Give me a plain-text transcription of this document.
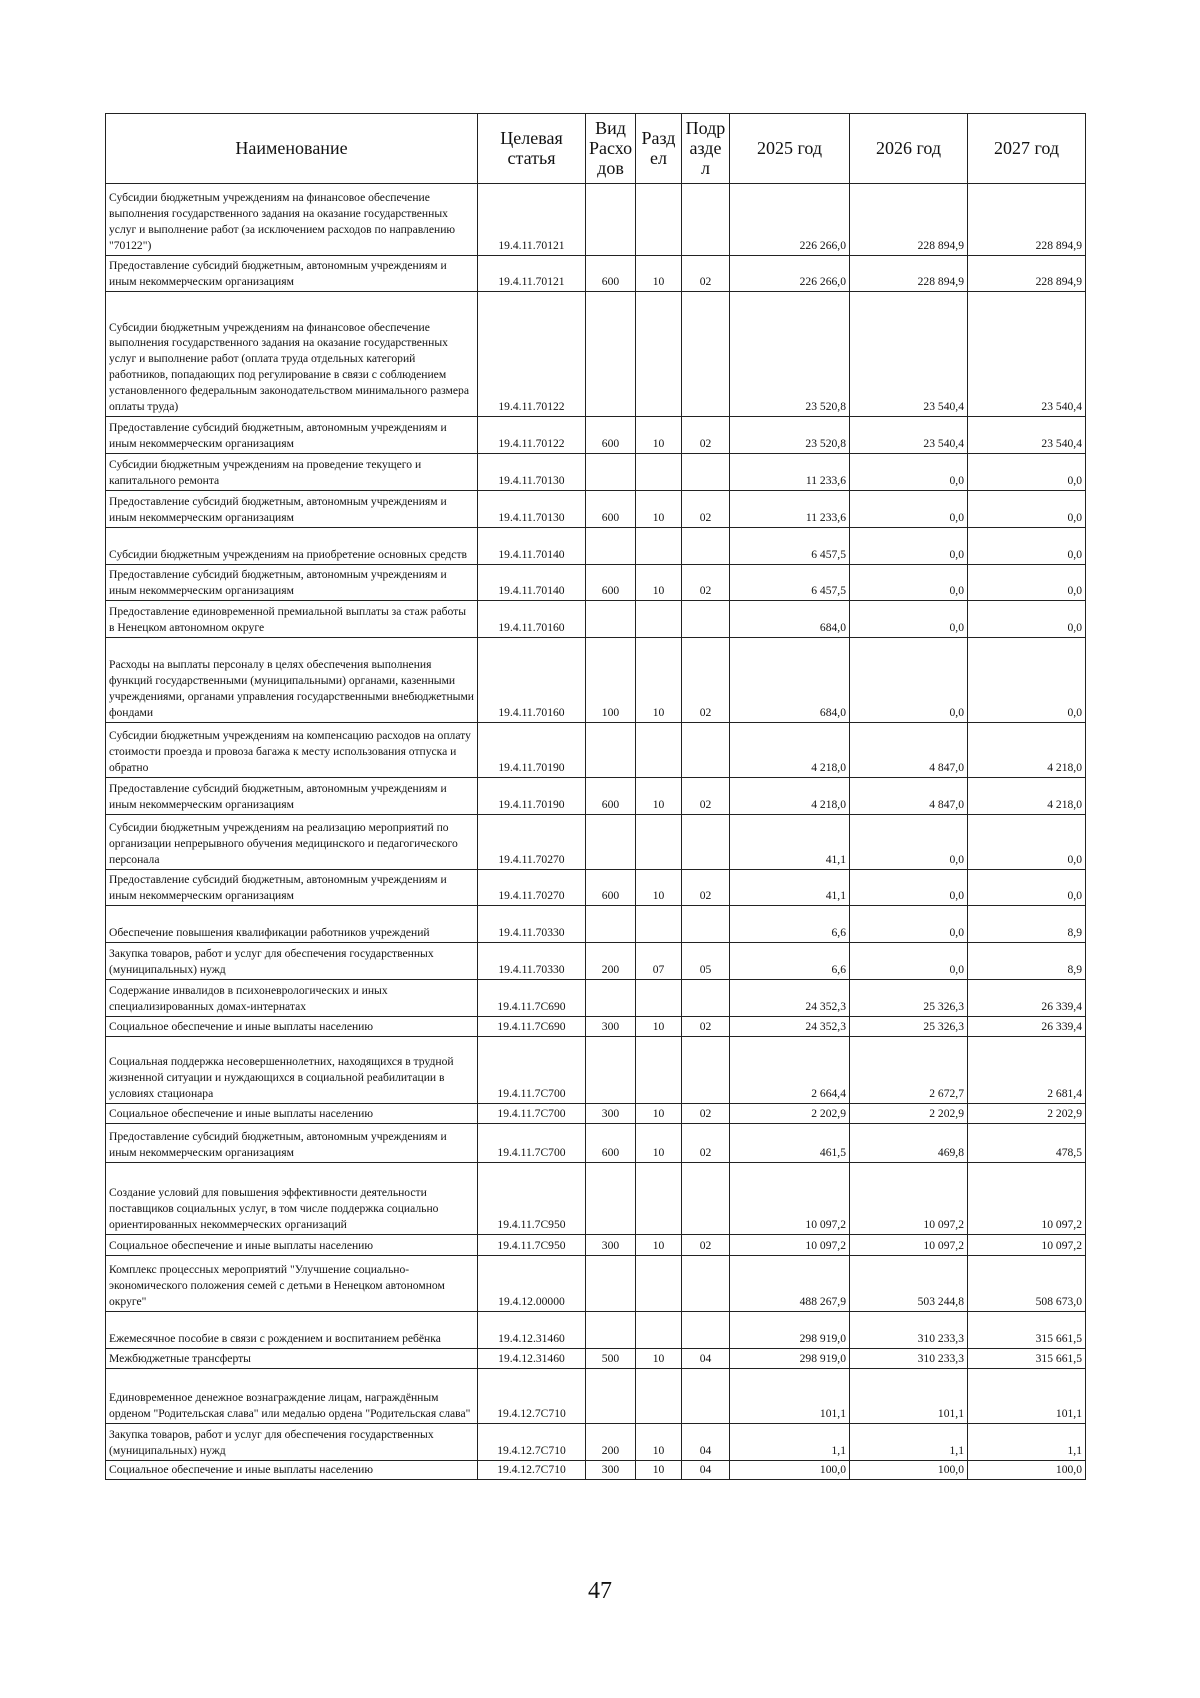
Наименование	Целевая статья	Вид Расхо дов	Разд ел	Подр азде л	2025 год	2026 год	2027 год
Субсидии бюджетным учреждениям на финансовое обеспечение выполнения государственного задания на оказание государственных услуг и выполнение работ (за исключением расходов по направлению "70122")	19.4.11.70121				226 266,0	228 894,9	228 894,9
Предоставление субсидий бюджетным, автономным учреждениям и иным некоммерческим организациям	19.4.11.70121	600	10	02	226 266,0	228 894,9	228 894,9
Субсидии бюджетным учреждениям на финансовое обеспечение выполнения государственного задания на оказание государственных услуг и выполнение работ (оплата труда отдельных категорий работников, попадающих под регулирование в связи с соблюдением установленного федеральным законодательством минимального размера оплаты труда)	19.4.11.70122				23 520,8	23 540,4	23 540,4
Предоставление субсидий бюджетным, автономным учреждениям и иным некоммерческим организациям	19.4.11.70122	600	10	02	23 520,8	23 540,4	23 540,4
Субсидии бюджетным учреждениям на проведение текущего и капитального ремонта	19.4.11.70130				11 233,6	0,0	0,0
Предоставление субсидий бюджетным, автономным учреждениям и иным некоммерческим организациям	19.4.11.70130	600	10	02	11 233,6	0,0	0,0
Субсидии бюджетным учреждениям на приобретение основных средств	19.4.11.70140				6 457,5	0,0	0,0
Предоставление субсидий бюджетным, автономным учреждениям и иным некоммерческим организациям	19.4.11.70140	600	10	02	6 457,5	0,0	0,0
Предоставление единовременной премиальной выплаты за стаж работы в Ненецком автономном округе	19.4.11.70160				684,0	0,0	0,0
Расходы на выплаты персоналу в целях обеспечения выполнения функций государственными (муниципальными) органами, казенными учреждениями, органами управления государственными внебюджетными фондами	19.4.11.70160	100	10	02	684,0	0,0	0,0
Субсидии бюджетным учреждениям на компенсацию расходов на оплату стоимости проезда и провоза багажа к месту использования отпуска и обратно	19.4.11.70190				4 218,0	4 847,0	4 218,0
Предоставление субсидий бюджетным, автономным учреждениям и иным некоммерческим организациям	19.4.11.70190	600	10	02	4 218,0	4 847,0	4 218,0
Субсидии бюджетным учреждениям на реализацию мероприятий по организации непрерывного обучения медицинского и педагогического персонала	19.4.11.70270				41,1	0,0	0,0
Предоставление субсидий бюджетным, автономным учреждениям и иным некоммерческим организациям	19.4.11.70270	600	10	02	41,1	0,0	0,0
Обеспечение повышения квалификации работников учреждений	19.4.11.70330				6,6	0,0	8,9
Закупка товаров, работ и услуг для обеспечения государственных (муниципальных) нужд	19.4.11.70330	200	07	05	6,6	0,0	8,9
Содержание инвалидов в психоневрологических и иных специализированных домах-интернатах	19.4.11.7С690				24 352,3	25 326,3	26 339,4
Социальное обеспечение и иные выплаты населению	19.4.11.7С690	300	10	02	24 352,3	25 326,3	26 339,4
Социальная поддержка несовершеннолетних, находящихся в трудной жизненной ситуации и нуждающихся в социальной реабилитации в условиях стационара	19.4.11.7С700				2 664,4	2 672,7	2 681,4
Социальное обеспечение и иные выплаты населению	19.4.11.7С700	300	10	02	2 202,9	2 202,9	2 202,9
Предоставление субсидий бюджетным, автономным учреждениям и иным некоммерческим организациям	19.4.11.7С700	600	10	02	461,5	469,8	478,5
Создание условий для повышения эффективности деятельности поставщиков социальных услуг, в том числе поддержка социально ориентированных некоммерческих организаций	19.4.11.7С950				10 097,2	10 097,2	10 097,2
Социальное обеспечение и иные выплаты населению	19.4.11.7С950	300	10	02	10 097,2	10 097,2	10 097,2
Комплекс процессных мероприятий "Улучшение социально-экономического положения семей с детьми в Ненецком автономном округе"	19.4.12.00000				488 267,9	503 244,8	508 673,0
Ежемесячное пособие в связи с рождением и воспитанием ребёнка	19.4.12.31460				298 919,0	310 233,3	315 661,5
Межбюджетные трансферты	19.4.12.31460	500	10	04	298 919,0	310 233,3	315 661,5
Единовременное денежное вознаграждение лицам, награждённым орденом "Родительская слава" или медалью ордена "Родительская слава"	19.4.12.7С710				101,1	101,1	101,1
Закупка товаров, работ и услуг для обеспечения государственных (муниципальных) нужд	19.4.12.7С710	200	10	04	1,1	1,1	1,1
Социальное обеспечение и иные выплаты населению	19.4.12.7С710	300	10	04	100,0	100,0	100,0
47
